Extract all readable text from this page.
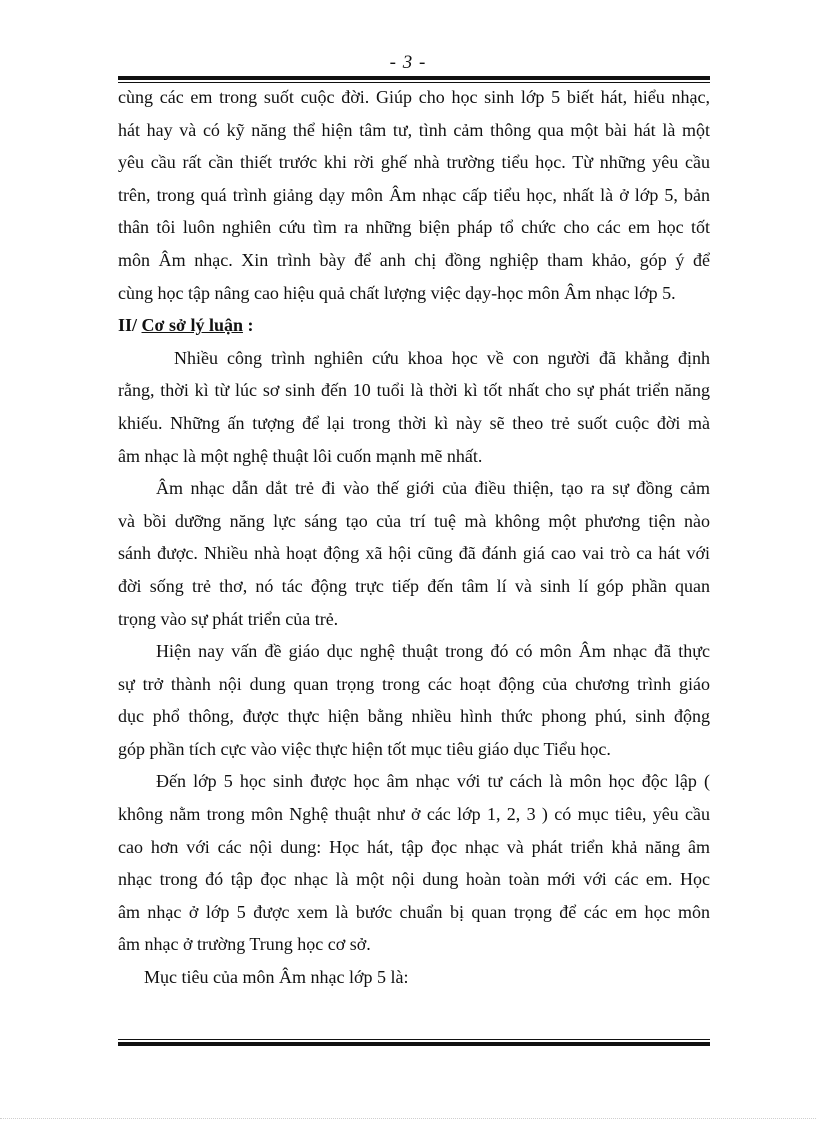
- 3 -
cùng các em trong suốt cuộc đời. Giúp cho học sinh lớp 5 biết hát, hiểu nhạc,
hát hay và có kỹ năng thể hiện tâm tư, tình cảm thông qua một bài hát là một
yêu cầu rất cần thiết trước khi rời ghế nhà trường tiểu học. Từ những yêu cầu
trên, trong quá trình giảng dạy môn Âm nhạc cấp tiểu học, nhất là ở lớp 5, bản
thân tôi luôn nghiên cứu tìm ra những biện pháp tổ chức cho các em học tốt
môn Âm nhạc. Xin trình bày để anh chị đồng nghiệp tham khảo, góp ý để
cùng học tập nâng cao hiệu quả chất lượng việc dạy-học môn Âm nhạc lớp 5.
II/ Cơ sở lý luận :
Nhiều công trình nghiên cứu khoa học về con người đã khẳng định
rằng, thời kì từ lúc sơ sinh đến 10 tuổi là thời kì tốt nhất cho sự phát triển năng
khiếu. Những ấn tượng để lại trong thời kì này sẽ theo trẻ suốt cuộc đời mà
âm nhạc là một nghệ thuật lôi cuốn mạnh mẽ nhất.
Âm nhạc dẫn dắt trẻ đi vào thế giới của điều thiện, tạo ra sự đồng cảm
và bồi dưỡng năng lực sáng tạo của trí tuệ mà không một phương tiện nào
sánh được. Nhiều nhà hoạt động xã hội cũng đã đánh giá cao vai trò ca hát với
đời sống trẻ thơ, nó tác động trực tiếp đến tâm lí và sinh lí góp phần quan
trọng vào sự phát triển của trẻ.
Hiện nay vấn đề giáo dục nghệ thuật trong đó có môn Âm nhạc đã thực
sự trở thành nội dung quan trọng trong các hoạt động của chương trình giáo
dục phổ thông, được thực hiện bằng nhiều hình thức phong phú, sinh động
góp phần tích cực vào việc thực hiện tốt mục tiêu giáo dục Tiểu học.
Đến lớp 5 học sinh được học âm nhạc với tư cách là môn học độc lập (
không nằm trong môn Nghệ thuật như ở các lớp 1, 2, 3 ) có mục tiêu, yêu cầu
cao hơn với các nội dung: Học hát, tập đọc nhạc và phát triển khả năng âm
nhạc trong đó tập đọc nhạc là một nội dung hoàn toàn mới với các em. Học
âm nhạc ở lớp 5 được xem là bước chuẩn bị quan trọng để các em học môn
âm nhạc ở trường Trung học cơ sở.
Mục tiêu của môn Âm nhạc lớp 5 là:
